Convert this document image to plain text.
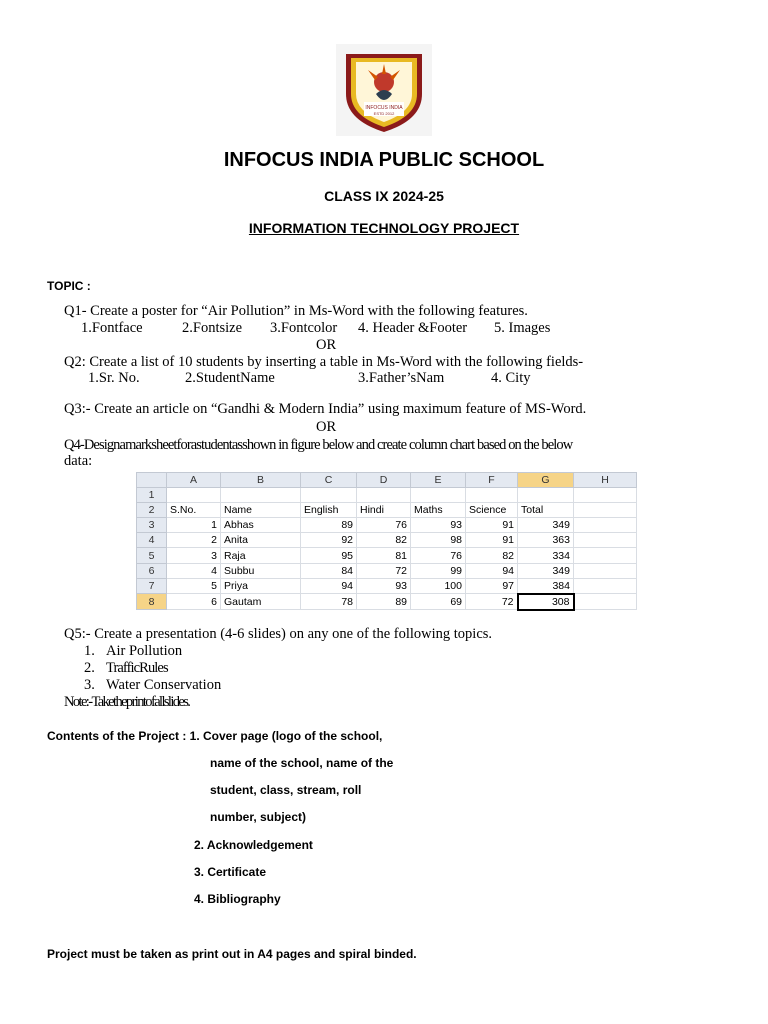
INFOCUS INDIA
ESTD 2012
INFOCUS INDIA PUBLIC SCHOOL
CLASS IX 2024-25
INFORMATION TECHNOLOGY PROJECT
TOPIC :
Q1- Create a poster for “Air Pollution” in Ms-Word with the following features.
1.Fontface	2.Fontsize 3.Fontcolor 4. Header &Footer 5. Images
OR
Q2: Create a list of 10 students by inserting a table in Ms-Word with the following fields-
1.Sr. No.	2.StudentName	3.Father’sNam	4. City
Q3:- Create an article on “Gandhi & Modern India” using maximum feature of MS-Word.
OR
Q4-Designamarksheetforastudentasshown in figure below and create column chart based on the below
data:
	A	B	C	D	E	F	G	H
1								
2	S.No.	Name	English	Hindi	Maths	Science	Total	
3	1	Abhas	89	76	93	91	349	
4	2	Anita	92	82	98	91	363	
5	3	Raja	95	81	76	82	334	
6	4	Subbu	84	72	99	94	349	
7	5	Priya	94	93	100	97	384	
8	6	Gautam	78	89	69	72	308	
Q5:- Create a presentation (4-6 slides) on any one of the following topics.
1. Air Pollution
2. TrafficRules
3. Water Conservation
Note:-Taketheprintofallslides.
Contents of the Project : 1. Cover page (logo of the school,
name of the school, name of the
student, class, stream, roll
number, subject)
2. Acknowledgement
3. Certificate
4. Bibliography
Project must be taken as print out in A4 pages and spiral binded.
